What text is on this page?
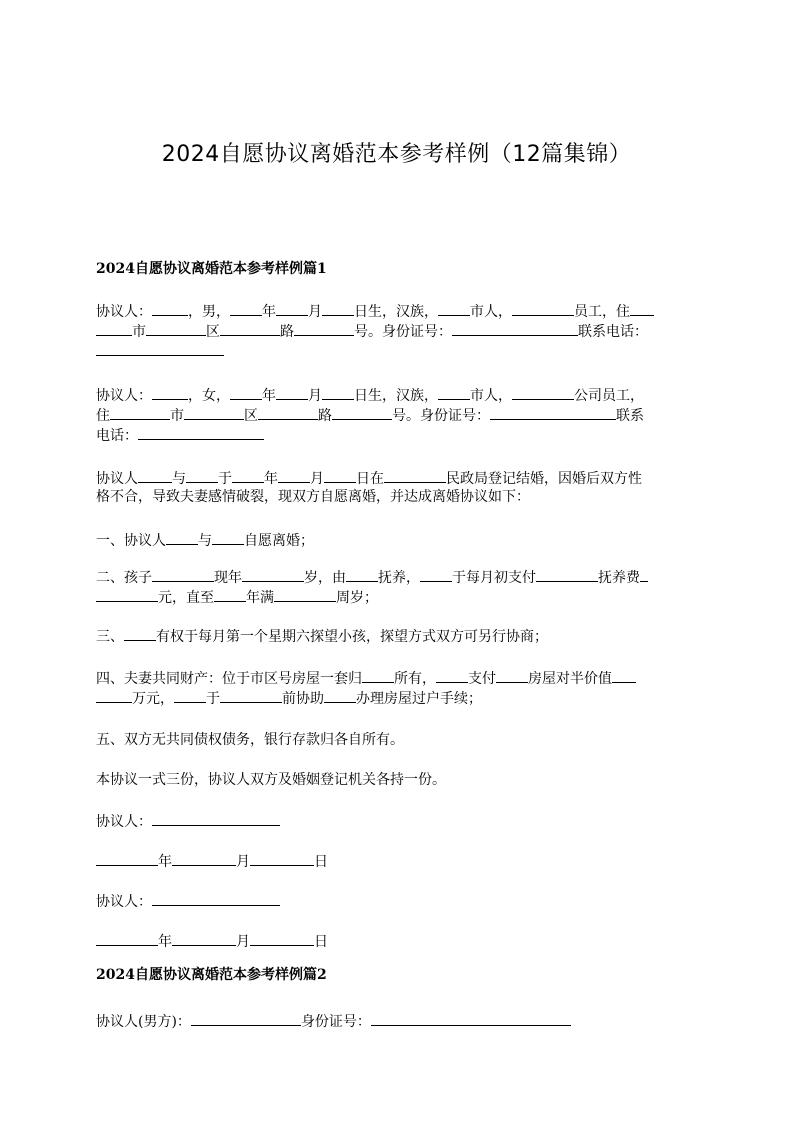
2024自愿协议离婚范本参考样例（12篇集锦）
2024自愿协议离婚范本参考样例篇1
协议人：	，男， 年 月 日生，汉族， 市人，	员工，住
市	区	路	号。身份证号：	联系电话：
协议人：	，女， 年 月 日生，汉族， 市人，	公司员工，
住	市	区	路	号。身份证号：	联系
电话：
协议人 与 于 年 月 日在	民政局登记结婚，因婚后双方性
格不合，导致夫妻感情破裂，现双方自愿离婚，并达成离婚协议如下：
一、协议人 与 自愿离婚；
二、孩子	现年	岁，由 抚养， 于每月初支付	抚养费
元，直至 年满	周岁；
三、 有权于每月第一个星期六探望小孩，探望方式双方可另行协商；
四、夫妻共同财产：位于市区号房屋一套归 所有， 支付 房屋对半价值
万元， 于	前协助 办理房屋过户手续；
五、双方无共同债权债务，银行存款归各自所有。
本协议一式三份，协议人双方及婚姻登记机关各持一份。
协议人：
年	月	日
协议人：
年	月	日
2024自愿协议离婚范本参考样例篇2
协议人(男方)：	身份证号：
